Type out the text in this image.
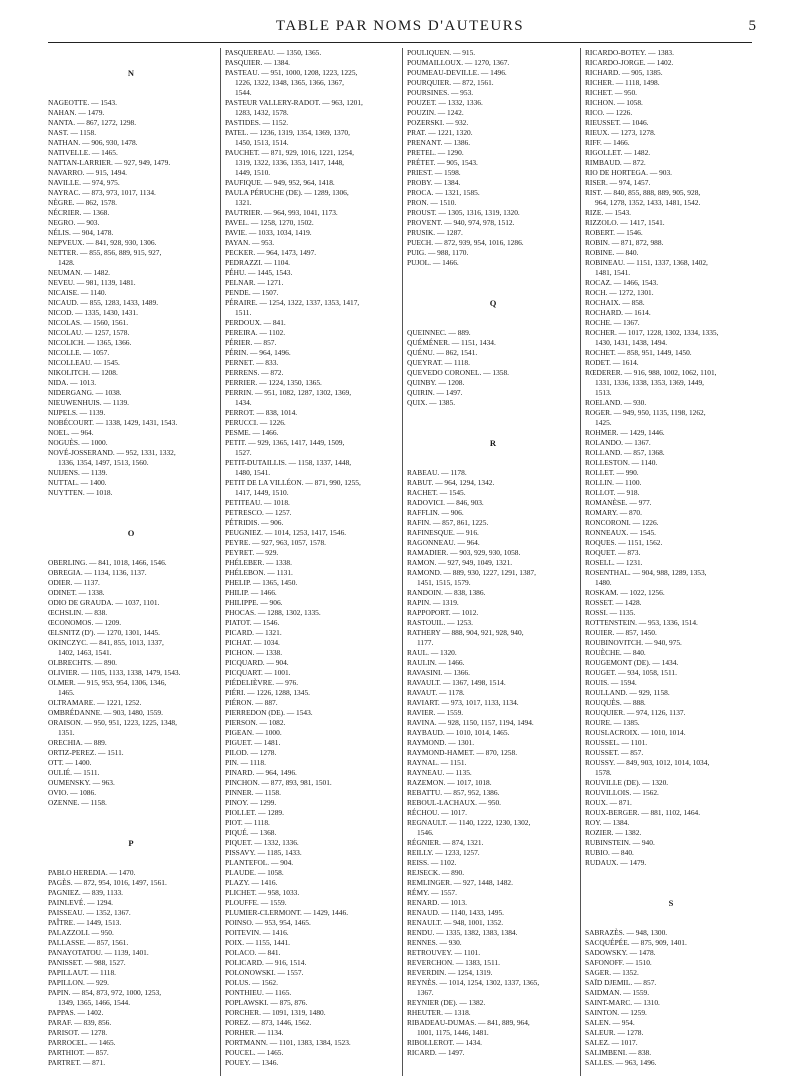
TABLE PAR NOMS D'AUTEURS	5

N

NAGEOTTE. — 1543.
NAHAN. — 1479.
NANTA. — 867, 1272, 1298.
NAST. — 1158.
NATHAN. — 906, 930, 1478.
NATIVELLE. — 1465.
NATTAN-LARRIER. — 927, 949, 1479.
NAVARRO. — 915, 1494.
NAVILLE. — 974, 975.
NAYRAC. — 873, 973, 1017, 1134.
NÈGRE. — 862, 1578.
NÉCRIER. — 1368.
NEGRO. — 903.
NÉLIS. — 904, 1478.
NEPVEUX. — 841, 928, 930, 1306.
NETTER. — 855, 856, 889, 915, 927,
1428.
NEUMAN. — 1482.
NEVEU. — 981, 1139, 1481.
NICAISE. — 1140.
NICAUD. — 855, 1283, 1433, 1489.
NICOD. — 1335, 1430, 1431.
NICOLAS. — 1560, 1561.
NICOLAU. — 1257, 1578.
NICOLICH. — 1365, 1366.
NICOLLE. — 1057.
NICOLLEAU. — 1545.
NIKOLITCH. — 1208.
NIDA. — 1013.
NIDERGANG. — 1038.
NIEUWENHUIS. — 1139.
NIJPELS. — 1139.
NOBÉCOURT. — 1338, 1429, 1431, 1543.
NOEL. — 964.
NOGUÈS. — 1000.
NOVÉ-JOSSERAND. — 952, 1331, 1332,
1336, 1354, 1497, 1513, 1560.
NUIJENS. — 1139.
NUTTAL. — 1400.
NUYTTEN. — 1018.

O

OBERLING. — 841, 1018, 1466, 1546.
OBREGIA. — 1134, 1136, 1137.
ODIER. — 1137.
ODINET. — 1338.
ODIO DE GRAUDA. — 1037, 1101.
ŒCHSLIN. — 838.
ŒCONOMOS. — 1209.
ŒLSNITZ (D'). — 1270, 1301, 1445.
OKINCZYC. — 841, 855, 1013, 1337,
1402, 1463, 1541.
OLBRECHTS. — 890.
OLIVIER. — 1105, 1133, 1338, 1479, 1543.
OLMER. — 915, 953, 954, 1306, 1346,
1465.
OLTRAMARE. — 1221, 1252.
OMBRÉDANNE. — 903, 1480, 1559.
ORAISON. — 950, 951, 1223, 1225, 1348,
1351.
ORECHIA. — 889.
ORTIZ-PEREZ. — 1511.
OTT. — 1400.
OULIÉ. — 1511.
OUMENSKY. — 963.
OVIO. — 1086.
OZENNE. — 1158.

P

PABLO HEREDIA. — 1470.
PAGÈS. — 872, 954, 1016, 1497, 1561.
PAGNIEZ. — 839, 1133.
PAINLEVÉ. — 1294.
PAISSEAU. — 1352, 1367.
PAÎTRE. — 1449, 1513.
PALAZZOLI. — 950.
PALLASSE. — 857, 1561.
PANAYOTATOU. — 1139, 1401.
PANISSET. — 988, 1527.
PAPILLAUT. — 1118.
PAPILLON. — 929.
PAPIN. — 854, 873, 972, 1000, 1253,
1349, 1365, 1466, 1544.
PAPPAS. — 1402.
PARAF. — 839, 856.
PARISOT. — 1278.
PARROCEL. — 1465.
PARTHIOT. — 857.
PARTRET. — 871.
PASQUEREAU. — 1350, 1365.
PASQUIER. — 1384.
PASTEAU. — 951, 1000, 1208, 1223, 1225,
1226, 1322, 1348, 1365, 1366, 1367,
1544.
PASTEUR VALLERY-RADOT. — 963, 1201,
1283, 1432, 1578.
PASTIDES. — 1152.
PATEL. — 1236, 1319, 1354, 1369, 1370,
1450, 1513, 1514.
PAUCHET. — 871, 929, 1016, 1221, 1254,
1319, 1322, 1336, 1353, 1417, 1448,
1449, 1510.
PAUFIQUE. — 949, 952, 964, 1418.
PAULA PÉRUCHE (DE). — 1289, 1306,
1321.
PAUTRIER. — 964, 993, 1041, 1173.
PAVEL. — 1258, 1270, 1502.
PAVIE. — 1033, 1034, 1419.
PAYAN. — 953.
PECKER. — 964, 1473, 1497.
PEDRAZZI. — 1104.
PÉHU. — 1445, 1543.
PELNAR. — 1271.
PENDE. — 1507.
PÉRAIRE. — 1254, 1322, 1337, 1353, 1417,
1511.
PERDOUX. — 841.
PEREIRA. — 1102.
PÉRIER. — 857.
PÉRIN. — 964, 1496.
PERNET. — 833.
PERRENS. — 872.
PERRIER. — 1224, 1350, 1365.
PERRIN. — 951, 1082, 1287, 1302, 1369,
1434.
PERROT. — 838, 1014.
PERUCCI. — 1226.
PESME. — 1466.
PETIT. — 929, 1365, 1417, 1449, 1509,
1527.
PETIT-DUTAILLIS. — 1158, 1337, 1448,
1480, 1541.
PETIT DE LA VILLÉON. — 871, 990, 1255,
1417, 1449, 1510.
PETITEAU. — 1018.
PETRESCO. — 1257.
PÉTRIDIS. — 906.
PEUGNIEZ. — 1014, 1253, 1417, 1546.
PEYRE. — 927, 963, 1057, 1578.
PEYRET. — 929.
PHÉLEBER. — 1338.
PHÉLEBON. — 1131.
PHELIP. — 1365, 1450.
PHILIP. — 1466.
PHILIPPE. — 906.
PHOCAS. — 1288, 1302, 1335.
PIATOT. — 1546.
PICARD. — 1321.
PICHAT. — 1034.
PICHON. — 1338.
PICQUARD. — 904.
PICQUART. — 1001.
PIÉDELIÈVRE. — 976.
PIÉRI. — 1226, 1288, 1345.
PIÉRON. — 887.
PIERREDON (DE). — 1543.
PIERSON. — 1082.
PIGEAN. — 1000.
PIGUET. — 1481.
PILOD. — 1278.
PIN. — 1118.
PINARD. — 964, 1496.
PINCHON. — 877, 893, 981, 1501.
PINNER. — 1158.
PINOY. — 1299.
PIOLLET. — 1289.
PIOT. — 1118.
PIQUÉ. — 1368.
PIQUET. — 1332, 1336.
PISSAVY. — 1185, 1433.
PLANTEFOL. — 904.
PLAUDE. — 1058.
PLAZY. — 1416.
PLICHET. — 958, 1033.
PLOUFFE. — 1559.
PLUMIER-CLERMONT. — 1429, 1446.
POINSO. — 953, 954, 1465.
POITEVIN. — 1416.
POIX. — 1155, 1441.
POLACO. — 841.
POLICARD. — 916, 1514.
POLONOWSKI. — 1557.
POLUS. — 1562.
PONTHIEU. — 1165.
POPLAWSKI. — 875, 876.
PORCHER. — 1091, 1319, 1480.
POREZ. — 873, 1446, 1562.
PORHER. — 1134.
PORTMANN. — 1101, 1383, 1384, 1523.
POUCEL. — 1465.
POUEY. — 1346.
POULIQUEN. — 915.
POUMAILLOUX. — 1270, 1367.
POUMEAU-DEVILLE. — 1496.
POURQUIER. — 872, 1561.
POURSINES. — 953.
POUZET. — 1332, 1336.
POUZIN. — 1242.
POZERSKI. — 932.
PRAT. — 1221, 1320.
PRENANT. — 1386.
PRETEL. — 1290.
PRÉTET. — 905, 1543.
PRIEST. — 1598.
PROBY. — 1384.
PROCA. — 1321, 1585.
PRON. — 1510.
PROUST. — 1305, 1316, 1319, 1320.
PROVENT. — 940, 974, 978, 1512.
PRUSIK. — 1287.
PUECH. — 872, 939, 954, 1016, 1286.
PUIG. — 988, 1170.
PUJOL. — 1466.

Q

QUEINNEC. — 889.
QUÉMÉNER. — 1151, 1434.
QUÉNU. — 862, 1541.
QUEYRAT. — 1118.
QUEVEDO CORONEL. — 1358.
QUINBY. — 1208.
QUIRIN. — 1497.
QUIX. — 1385.

R

RABEAU. — 1178.
RABUT. — 964, 1294, 1342.
RACHET. — 1545.
RADOVICI. — 846, 903.
RAFFLIN. — 906.
RAFIN. — 857, 861, 1225.
RAFINESQUE. — 916.
RAGONNEAU. — 964.
RAMADIER. — 903, 929, 930, 1058.
RAMON. — 927, 949, 1049, 1321.
RAMOND. — 889, 930, 1227, 1291, 1387,
1451, 1515, 1579.
RANDOIN. — 838, 1386.
RAPIN. — 1319.
RAPPOPORT. — 1012.
RASTOUIL. — 1253.
RATHERY — 888, 904, 921, 928, 940,
1177.
RAUL. — 1320.
RAULIN. — 1466.
RAVASINI. — 1366.
RAVAULT. — 1367, 1498, 1514.
RAVAUT. — 1178.
RAVIART. — 973, 1017, 1133, 1134.
RAVIER. — 1559.
RAVINA. — 928, 1150, 1157, 1194, 1494.
RAYBAUD. — 1010, 1014, 1465.
RAYMOND. — 1301.
RAYMOND-HAMET. — 870, 1258.
RAYNAL. — 1151.
RAYNEAU. — 1135.
RAZEMON. — 1017, 1018.
REBATTU. — 857, 952, 1386.
REBOUL-LACHAUX. — 950.
RÉCHOU. — 1017.
REGNAULT. — 1140, 1222, 1230, 1302,
1546.
RÉGNIER. — 874, 1321.
REILLY. — 1233, 1257.
REISS. — 1102.
REJSECK. — 890.
REMLINGER. — 927, 1448, 1482.
RÉMY. — 1557.
RENARD. — 1013.
RENAUD. — 1140, 1433, 1495.
RENAULT. — 948, 1001, 1352.
RENDU. — 1335, 1382, 1383, 1384.
RENNES. — 930.
RETROUVEY. — 1101.
REVERCHON. — 1383, 1511.
REVERDIN. — 1254, 1319.
REYNÈS. — 1014, 1254, 1302, 1337, 1365,
1367.
REYNIER (DE). — 1382.
RHEUTER. — 1318.
RIBADEAU-DUMAS. — 841, 889, 964,
1001, 1175, 1446, 1481.
RIBOLLEROT. — 1434.
RICARD. — 1497.
RICARDO-BOTEY. — 1383.
RICARDO-JORGE. — 1402.
RICHARD. — 905, 1385.
RICHER. — 1118, 1498.
RICHET. — 950.
RICHON. — 1058.
RICO. — 1226.
RIEUSSET. — 1046.
RIEUX. — 1273, 1278.
RIFF. — 1466.
RIGOLLET. — 1482.
RIMBAUD. — 872.
RIO DE HORTEGA. — 903.
RISER. — 974, 1457.
RIST. — 840, 855, 888, 889, 905, 928,
964, 1278, 1352, 1433, 1481, 1542.
RIZE. — 1543.
RIZZOLO. — 1417, 1541.
ROBERT. — 1546.
ROBIN. — 871, 872, 988.
ROBINE. — 840.
ROBINEAU. — 1151, 1337, 1368, 1402,
1481, 1541.
ROCAZ. — 1466, 1543.
ROCH. — 1272, 1301.
ROCHAIX. — 858.
ROCHARD. — 1614.
ROCHE. — 1367.
ROCHER. — 1017, 1228, 1302, 1334, 1335,
1430, 1431, 1438, 1494.
ROCHET. — 858, 951, 1449, 1450.
RODET. — 1614.
RŒDERER. — 916, 988, 1002, 1062, 1101,
1331, 1336, 1338, 1353, 1369, 1449,
1513.
ROELAND. — 930.
ROGER. — 949, 950, 1135, 1198, 1262,
1425.
ROHMER. — 1429, 1446.
ROLANDO. — 1367.
ROLLAND. — 857, 1368.
ROLLESTON. — 1140.
ROLLET. — 990.
ROLLIN. — 1100.
ROLLOT. — 918.
ROMANÈSE. — 977.
ROMARY. — 870.
RONCORONI. — 1226.
RONNEAUX. — 1545.
ROQUES. — 1151, 1562.
ROQUET. — 873.
ROSELL. — 1231.
ROSENTHAL. — 904, 988, 1289, 1353,
1480.
ROSKAM. — 1022, 1256.
ROSSET. — 1428.
ROSSI. — 1135.
ROTTENSTEIN. — 953, 1336, 1514.
ROUIER. — 857, 1450.
ROUBINOVITCH. — 940, 975.
ROUÈCHE. — 840.
ROUGEMONT (DE). — 1434.
ROUGET. — 934, 1058, 1511.
ROUIS. — 1594.
ROULLAND. — 929, 1158.
ROUQUÈS. — 888.
ROUQUIER. — 974, 1126, 1137.
ROURE. — 1385.
ROUSLACROIX. — 1010, 1014.
ROUSSEL. — 1101.
ROUSSET. — 857.
ROUSSY. — 849, 903, 1012, 1014, 1034,
1578.
ROUVILLE (DE). — 1320.
ROUVILLOIS. — 1562.
ROUX. — 871.
ROUX-BERGER. — 881, 1102, 1464.
ROY. — 1384.
ROZIER. — 1382.
RUBINSTEIN. — 940.
RUBIO. — 840.
RUDAUX. — 1479.

S

SABRAZÈS. — 948, 1300.
SACQUÉPÉE. — 875, 909, 1401.
SADOWSKY. — 1478.
SAFONOFF. — 1510.
SAGER. — 1352.
SAÏD DJEMIL. — 857.
SAIDMAN. — 1559.
SAINT-MARC. — 1310.
SAINTON. — 1259.
SALEN. — 954.
SALEUR. — 1278.
SALEZ. — 1017.
SALIMBENI. — 838.
SALLES. — 963, 1496.
